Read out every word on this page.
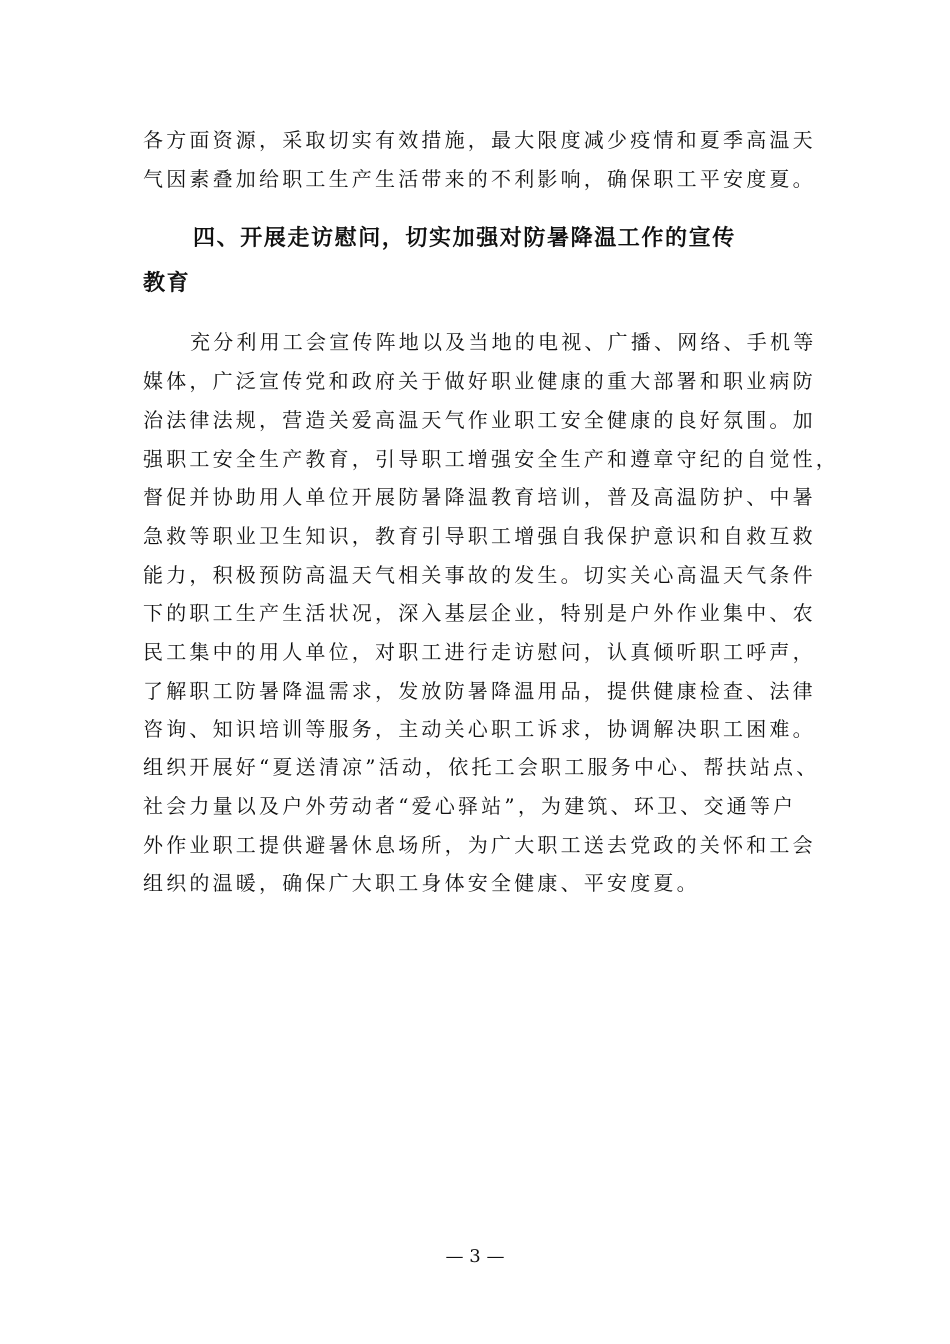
各方面资源，采取切实有效措施，最大限度减少疫情和夏季高温天
气因素叠加给职工生产生活带来的不利影响，确保职工平安度夏。
四、开展走访慰问，切实加强对防暑降温工作的宣传
教育
充分利用工会宣传阵地以及当地的电视、广播、网络、手机等
媒体，广泛宣传党和政府关于做好职业健康的重大部署和职业病防
治法律法规，营造关爱高温天气作业职工安全健康的良好氛围。加
强职工安全生产教育，引导职工增强安全生产和遵章守纪的自觉性，
督促并协助用人单位开展防暑降温教育培训，普及高温防护、中暑
急救等职业卫生知识，教育引导职工增强自我保护意识和自救互救
能力，积极预防高温天气相关事故的发生。切实关心高温天气条件
下的职工生产生活状况，深入基层企业，特别是户外作业集中、农
民工集中的用人单位，对职工进行走访慰问，认真倾听职工呼声，
了解职工防暑降温需求，发放防暑降温用品，提供健康检查、法律
咨询、知识培训等服务，主动关心职工诉求，协调解决职工困难。
组织开展好“夏送清凉”活动，依托工会职工服务中心、帮扶站点、
社会力量以及户外劳动者“爱心驿站”，为建筑、环卫、交通等户
外作业职工提供避暑休息场所，为广大职工送去党政的关怀和工会
组织的温暖，确保广大职工身体安全健康、平安度夏。
— 3 —
